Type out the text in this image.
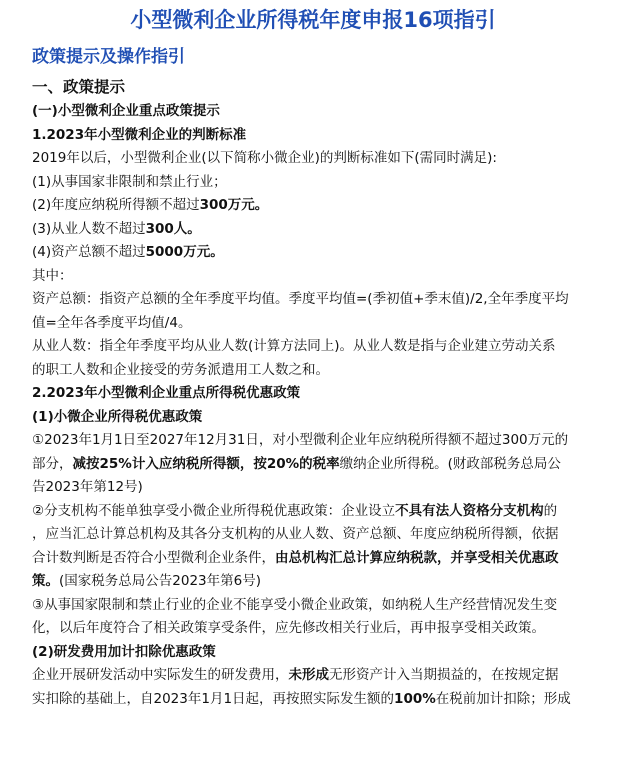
小型微利企业所得税年度申报16项指引
政策提示及操作指引
一、政策提示
(一)小型微利企业重点政策提示
1.2023年小型微利企业的判断标准
2019年以后，小型微利企业(以下简称小微企业)的判断标准如下(需同时满足):
(1)从事国家非限制和禁止行业；
(2)年度应纳税所得额不超过300万元。
(3)从业人数不超过300人。
(4)资产总额不超过5000万元。
其中：
资产总额：指资产总额的全年季度平均值。季度平均值=(季初值+季末值)/2,全年季度平均
值=全年各季度平均值/4。
从业人数：指全年季度平均从业人数(计算方法同上)。从业人数是指与企业建立劳动关系
的职工人数和企业接受的劳务派遣用工人数之和。
2.2023年小型微利企业重点所得税优惠政策
(1)小微企业所得税优惠政策
①2023年1月1日至2027年12月31日，对小型微利企业年应纳税所得额不超过300万元的
部分，减按25%计入应纳税所得额，按20%的税率缴纳企业所得税。(财政部税务总局公
告2023年第12号)
②分支机构不能单独享受小微企业所得税优惠政策：企业设立不具有法人资格分支机构的
，应当汇总计算总机构及其各分支机构的从业人数、资产总额、年度应纳税所得额，依据
合计数判断是否符合小型微利企业条件，由总机构汇总计算应纳税款，并享受相关优惠政
策。(国家税务总局公告2023年第6号)
③从事国家限制和禁止行业的企业不能享受小微企业政策，如纳税人生产经营情况发生变
化，以后年度符合了相关政策享受条件，应先修改相关行业后，再申报享受相关政策。
(2)研发费用加计扣除优惠政策
企业开展研发活动中实际发生的研发费用，未形成无形资产计入当期损益的，在按规定据
实扣除的基础上，自2023年1月1日起，再按照实际发生额的100%在税前加计扣除；形成
